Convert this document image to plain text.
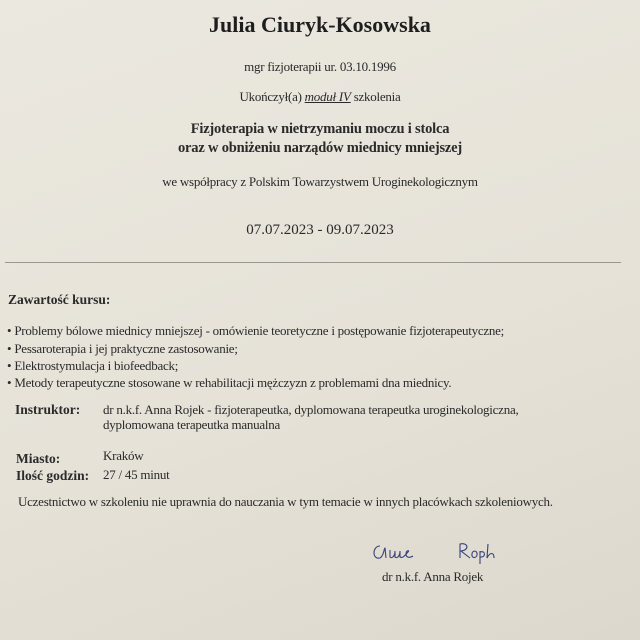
Julia Ciuryk-Kosowska
mgr fizjoterapii ur. 03.10.1996
Ukończył(a) moduł IV szkolenia
Fizjoterapia w nietrzymaniu moczu i stolca
oraz w obniżeniu narządów miednicy mniejszej
we współpracy z Polskim Towarzystwem Uroginekologicznym
07.07.2023 - 09.07.2023
Zawartość kursu:
• Problemy bólowe miednicy mniejszej - omówienie teoretyczne i postępowanie fizjoterapeutyczne;
• Pessaroterapia i jej praktyczne zastosowanie;
• Elektrostymulacja i biofeedback;
• Metody terapeutyczne stosowane w rehabilitacji mężczyzn z problemami dna miednicy.
Instruktor: dr n.k.f. Anna Rojek - fizjoterapeutka, dyplomowana terapeutka uroginekologiczna,
dyplomowana terapeutka manualna
Miasto:	Kraków
Ilość godzin: 27 / 45 minut
Uczestnictwo w szkoleniu nie uprawnia do nauczania w tym temacie w innych placówkach szkoleniowych.
dr n.k.f. Anna Rojek
